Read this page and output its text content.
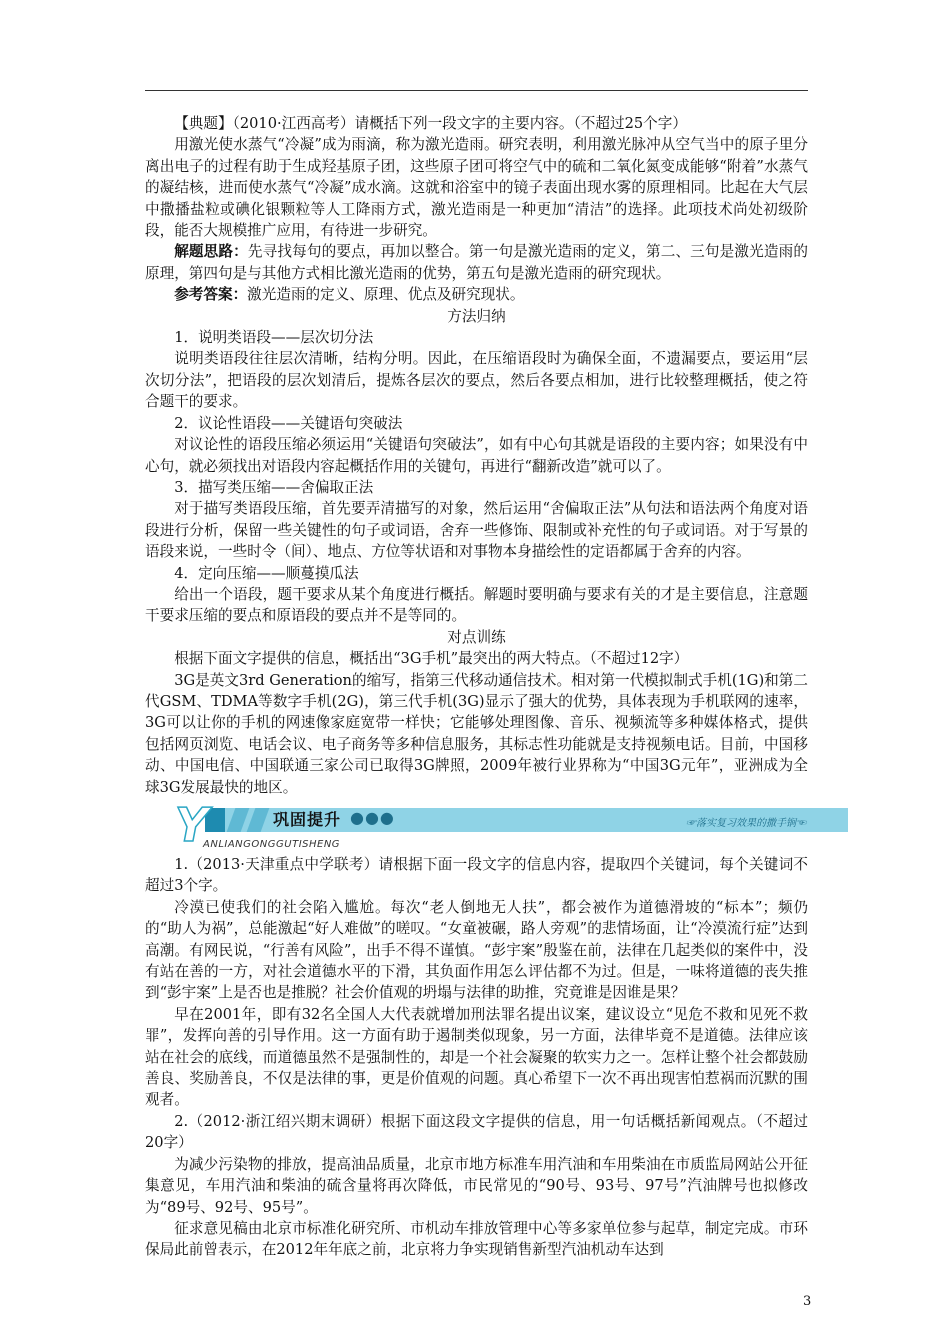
【典题】（2010·江西高考）请概括下列一段文字的主要内容。（不超过25个字）

用激光使水蒸气“冷凝”成为雨滴，称为激光造雨。研究表明，利用激光脉冲从空气当中的原子里分离出电子的过程有助于生成羟基原子团，这些原子团可将空气中的硫和二氧化氮变成能够“附着”水蒸气的凝结核，进而使水蒸气“冷凝”成水滴。这就和浴室中的镜子表面出现水雾的原理相同。比起在大气层中撒播盐粒或碘化银颗粒等人工降雨方式，激光造雨是一种更加“清洁”的选择。此项技术尚处初级阶段，能否大规模推广应用，有待进一步研究。

解题思路：先寻找每句的要点，再加以整合。第一句是激光造雨的定义，第二、三句是激光造雨的原理，第四句是与其他方式相比激光造雨的优势，第五句是激光造雨的研究现状。

参考答案：激光造雨的定义、原理、优点及研究现状。

方法归纳

1．说明类语段——层次切分法

说明类语段往往层次清晰，结构分明。因此，在压缩语段时为确保全面，不遗漏要点，要运用“层次切分法”，把语段的层次划清后，提炼各层次的要点，然后各要点相加，进行比较整理概括，使之符合题干的要求。

2．议论性语段——关键语句突破法

对议论性的语段压缩必须运用“关键语句突破法”，如有中心句其就是语段的主要内容；如果没有中心句，就必须找出对语段内容起概括作用的关键句，再进行“翻新改造”就可以了。

3．描写类压缩——舍偏取正法

对于描写类语段压缩，首先要弄清描写的对象，然后运用“舍偏取正法”从句法和语法两个角度对语段进行分析，保留一些关键性的句子或词语，舍弃一些修饰、限制或补充性的句子或词语。对于写景的语段来说，一些时令（间）、地点、方位等状语和对事物本身描绘性的定语都属于舍弃的内容。

4．定向压缩——顺蔓摸瓜法

给出一个语段，题干要求从某个角度进行概括。解题时要明确与要求有关的才是主要信息，注意题干要求压缩的要点和原语段的要点并不是等同的。

对点训练

根据下面文字提供的信息，概括出“3G手机”最突出的两大特点。（不超过12字）

3G是英文3rd Generation的缩写，指第三代移动通信技术。相对第一代模拟制式手机(1G)和第二代GSM、TDMA等数字手机(2G)，第三代手机(3G)显示了强大的优势，具体表现为手机联网的速率，3G可以让你的手机的网速像家庭宽带一样快；它能够处理图像、音乐、视频流等多种媒体格式，提供包括网页浏览、电话会议、电子商务等多种信息服务，其标志性功能就是支持视频电话。目前，中国移动、中国电信、中国联通三家公司已取得3G牌照，2009年被行业界称为“中国3G元年”，亚洲成为全球3G发展最快的地区。

Y	巩固提升 ●●●	☞落实复习效果的撒手锏☜
ANLIANGONGGUTISHENG

1.（2013·天津重点中学联考）请根据下面一段文字的信息内容，提取四个关键词，每个关键词不超过3个字。

冷漠已使我们的社会陷入尴尬。每次“老人倒地无人扶”，都会被作为道德滑坡的“标本”；频仍的“助人为祸”，总能激起“好人难做”的嗟叹。“女童被碾，路人旁观”的悲情场面，让“冷漠流行症”达到高潮。有网民说，“行善有风险”，出手不得不谨慎。“彭宇案”殷鉴在前，法律在几起类似的案件中，没有站在善的一方，对社会道德水平的下滑，其负面作用怎么评估都不为过。但是，一味将道德的丧失推到“彭宇案”上是否也是推脱？社会价值观的坍塌与法律的助推，究竟谁是因谁是果？

早在2001年，即有32名全国人大代表就增加刑法罪名提出议案，建议设立“见危不救和见死不救罪”，发挥向善的引导作用。这一方面有助于遏制类似现象，另一方面，法律毕竟不是道德。法律应该站在社会的底线，而道德虽然不是强制性的，却是一个社会凝聚的软实力之一。怎样让整个社会都鼓励善良、奖励善良，不仅是法律的事，更是价值观的问题。真心希望下一次不再出现害怕惹祸而沉默的围观者。

2.（2012·浙江绍兴期末调研）根据下面这段文字提供的信息，用一句话概括新闻观点。（不超过20字）

为减少污染物的排放，提高油品质量，北京市地方标准车用汽油和车用柴油在市质监局网站公开征集意见，车用汽油和柴油的硫含量将再次降低，市民常见的“90号、93号、97号”汽油牌号也拟修改为“89号、92号、95号”。

征求意见稿由北京市标准化研究所、市机动车排放管理中心等多家单位参与起草，制定完成。市环保局此前曾表示，在2012年年底之前，北京将力争实现销售新型汽油机动车达到

3
